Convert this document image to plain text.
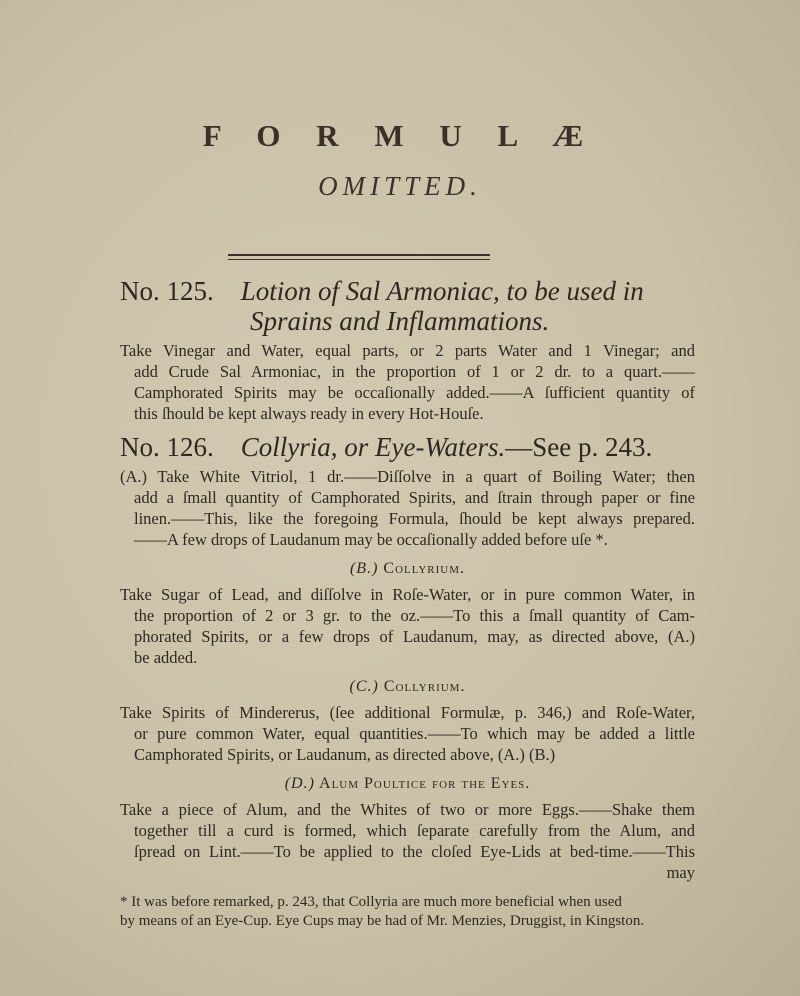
F O R M U L Æ
OMITTED.
No. 125. Lotion of Sal Armoniac, to be used in
Sprains and Inflammations.
Take Vinegar and Water, equal parts, or 2 parts Water and 1 Vinegar; and
add Crude Sal Armoniac, in the proportion of 1 or 2 dr. to a quart.——
Camphorated Spirits may be occaſionally added.——A ſufficient quantity of
this ſhould be kept always ready in every Hot-Houſe.
No. 126. Collyria, or Eye-Waters.—See p. 243.
(A.) Take White Vitriol, 1 dr.——Diſſolve in a quart of Boiling Water; then
add a ſmall quantity of Camphorated Spirits, and ſtrain through paper or fine
linen.——This, like the foregoing Formula, ſhould be kept always prepared.
——A few drops of Laudanum may be occaſionally added before uſe *.
(B.) Collyrium.
Take Sugar of Lead, and diſſolve in Roſe-Water, or in pure common Water, in
the proportion of 2 or 3 gr. to the oz.——To this a ſmall quantity of Cam-
phorated Spirits, or a few drops of Laudanum, may, as directed above, (A.)
be added.
(C.) Collyrium.
Take Spirits of Mindererus, (ſee additional Formulæ, p. 346,) and Roſe-Water,
or pure common Water, equal quantities.——To which may be added a little
Camphorated Spirits, or Laudanum, as directed above, (A.) (B.)
(D.) Alum Poultice for the Eyes.
Take a piece of Alum, and the Whites of two or more Eggs.——Shake them
together till a curd is formed, which ſeparate carefully from the Alum, and
ſpread on Lint.——To be applied to the cloſed Eye-Lids at bed-time.——This
may
* It was before remarked, p. 243, that Collyria are much more beneficial when used
by means of an Eye-Cup. Eye Cups may be had of Mr. Menzies, Druggist, in Kingston.
